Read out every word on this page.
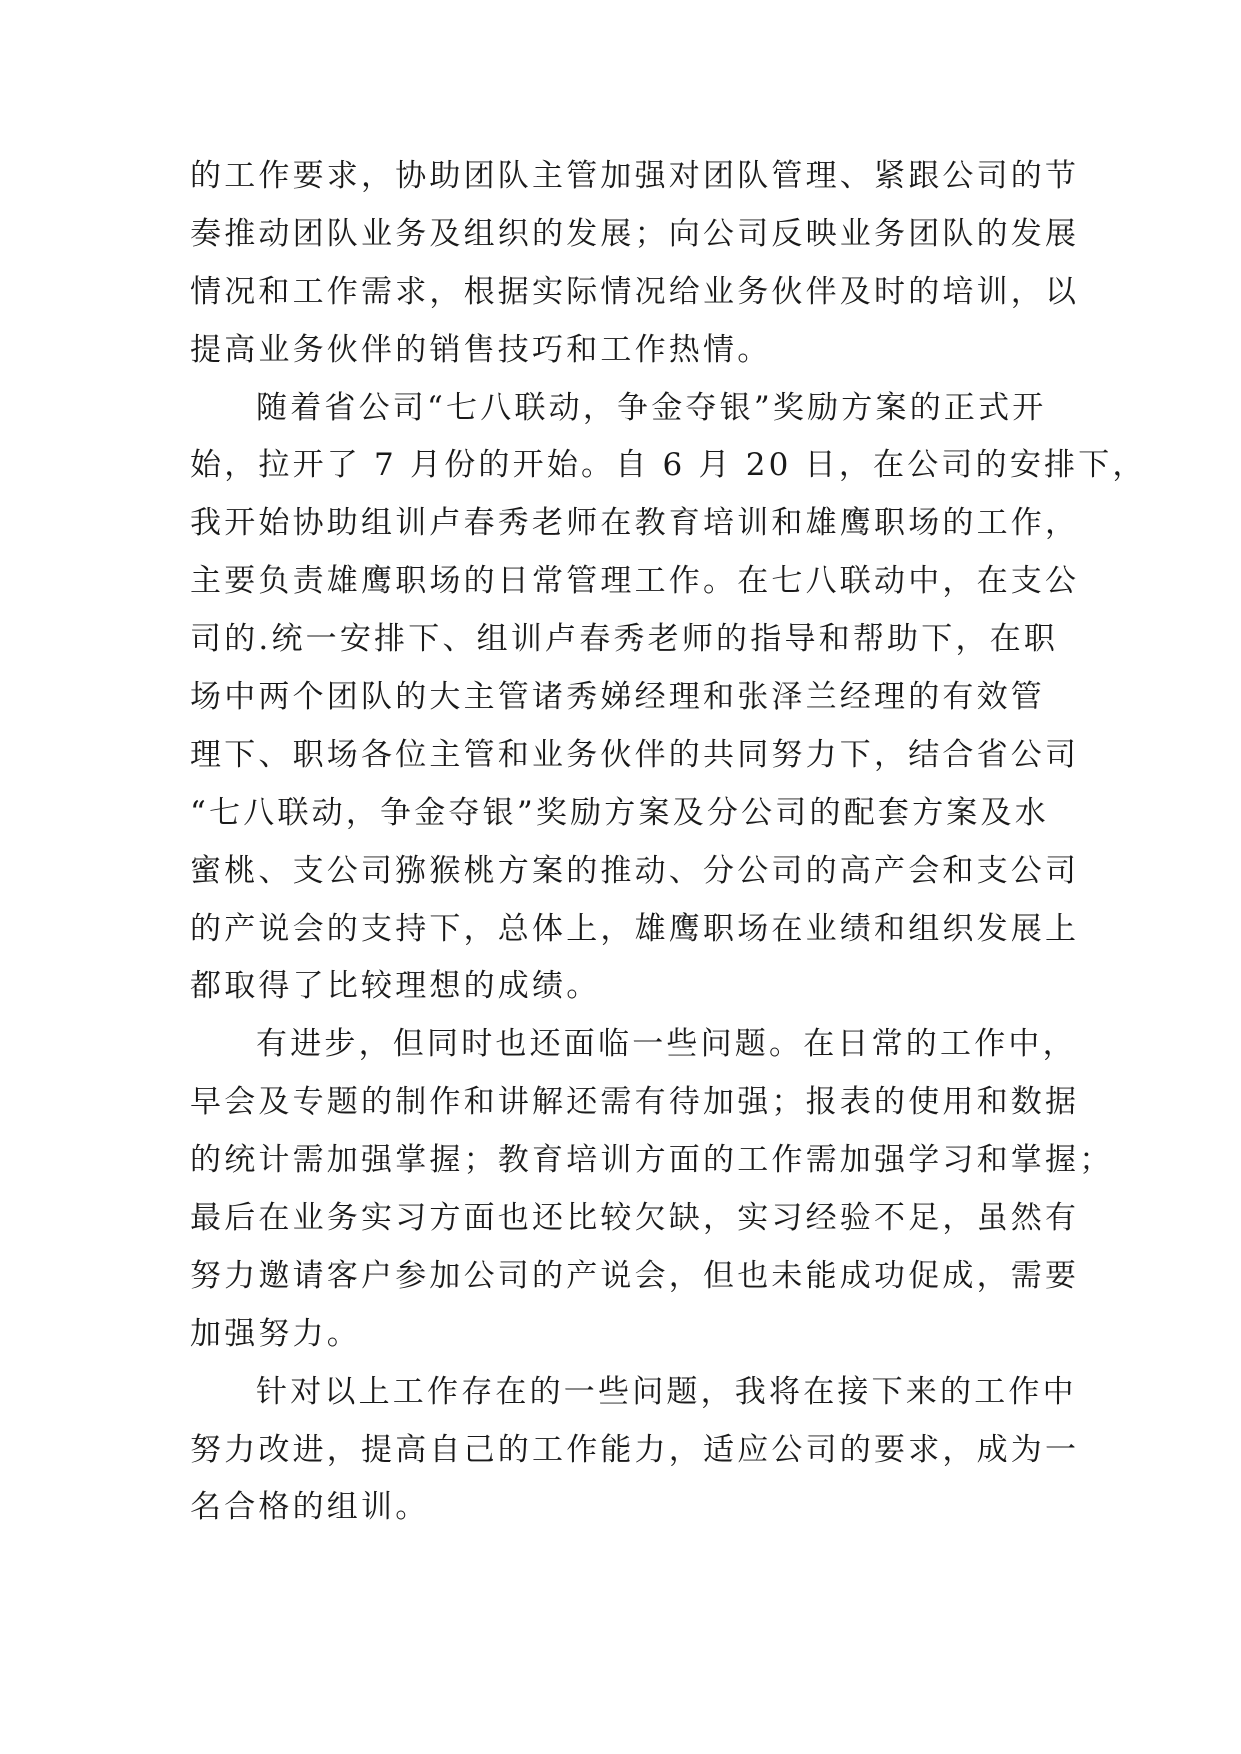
的工作要求，协助团队主管加强对团队管理、紧跟公司的节
奏推动团队业务及组织的发展；向公司反映业务团队的发展
情况和工作需求，根据实际情况给业务伙伴及时的培训，以
提高业务伙伴的销售技巧和工作热情。
随着省公司“七八联动，争金夺银”奖励方案的正式开
始，拉开了 7 月份的开始。自 6 月 20 日，在公司的安排下，
我开始协助组训卢春秀老师在教育培训和雄鹰职场的工作，
主要负责雄鹰职场的日常管理工作。在七八联动中，在支公
司的.统一安排下、组训卢春秀老师的指导和帮助下，在职
场中两个团队的大主管诸秀娣经理和张泽兰经理的有效管
理下、职场各位主管和业务伙伴的共同努力下，结合省公司
“七八联动，争金夺银”奖励方案及分公司的配套方案及水
蜜桃、支公司猕猴桃方案的推动、分公司的高产会和支公司
的产说会的支持下，总体上，雄鹰职场在业绩和组织发展上
都取得了比较理想的成绩。
有进步，但同时也还面临一些问题。在日常的工作中，
早会及专题的制作和讲解还需有待加强；报表的使用和数据
的统计需加强掌握；教育培训方面的工作需加强学习和掌握；
最后在业务实习方面也还比较欠缺，实习经验不足，虽然有
努力邀请客户参加公司的产说会，但也未能成功促成，需要
加强努力。
针对以上工作存在的一些问题，我将在接下来的工作中
努力改进，提高自己的工作能力，适应公司的要求，成为一
名合格的组训。
